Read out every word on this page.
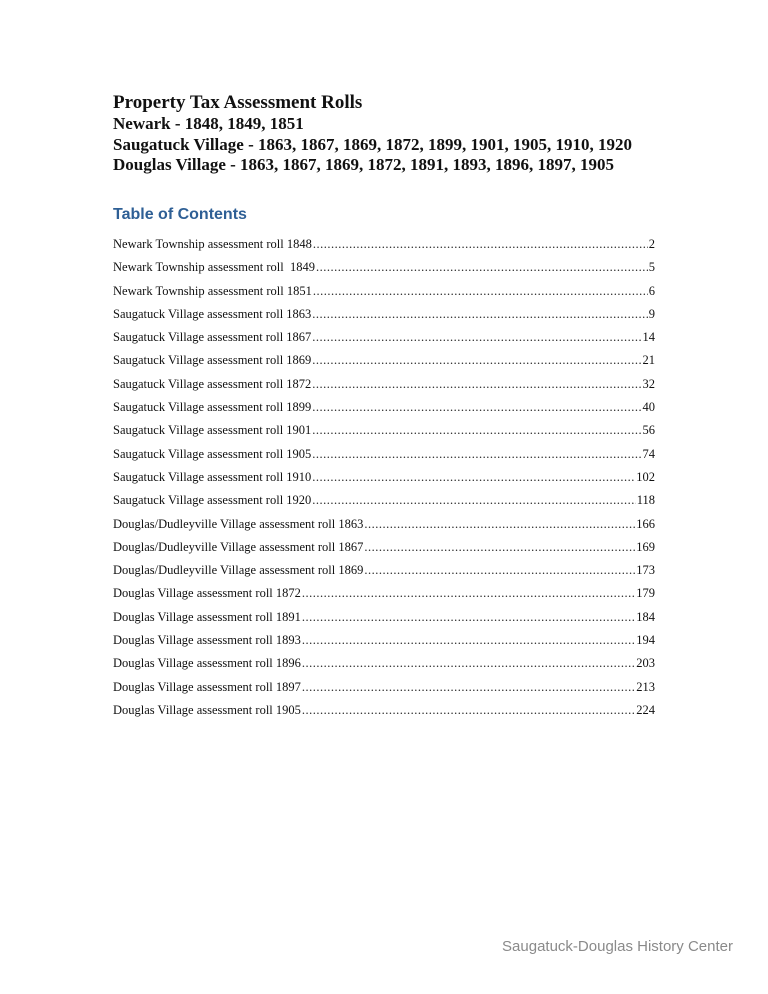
Property Tax Assessment Rolls
Newark - 1848, 1849, 1851
Saugatuck Village - 1863, 1867, 1869, 1872, 1899, 1901, 1905, 1910, 1920
Douglas Village - 1863, 1867, 1869, 1872, 1891, 1893, 1896, 1897, 1905
Table of Contents
Newark Township assessment roll 1848 .....	2
Newark Township assessment roll  1849 .....	5
Newark Township assessment roll 1851 .....	6
Saugatuck Village assessment roll 1863 .....	9
Saugatuck Village assessment roll 1867 .....	14
Saugatuck Village assessment roll 1869 .....	21
Saugatuck Village assessment roll 1872 .....	32
Saugatuck Village assessment roll 1899 .....	40
Saugatuck Village assessment roll 1901 .....	56
Saugatuck Village assessment roll 1905 .....	74
Saugatuck Village assessment roll 1910 .....	102
Saugatuck Village assessment roll 1920 .....	118
Douglas/Dudleyville Village assessment roll 1863 .....	166
Douglas/Dudleyville Village assessment roll 1867 .....	169
Douglas/Dudleyville Village assessment roll 1869 .....	173
Douglas Village assessment roll 1872 .....	179
Douglas Village assessment roll 1891 .....	184
Douglas Village assessment roll 1893 .....	194
Douglas Village assessment roll 1896 .....	203
Douglas Village assessment roll 1897 .....	213
Douglas Village assessment roll 1905 .....	224
Saugatuck-Douglas History Center
